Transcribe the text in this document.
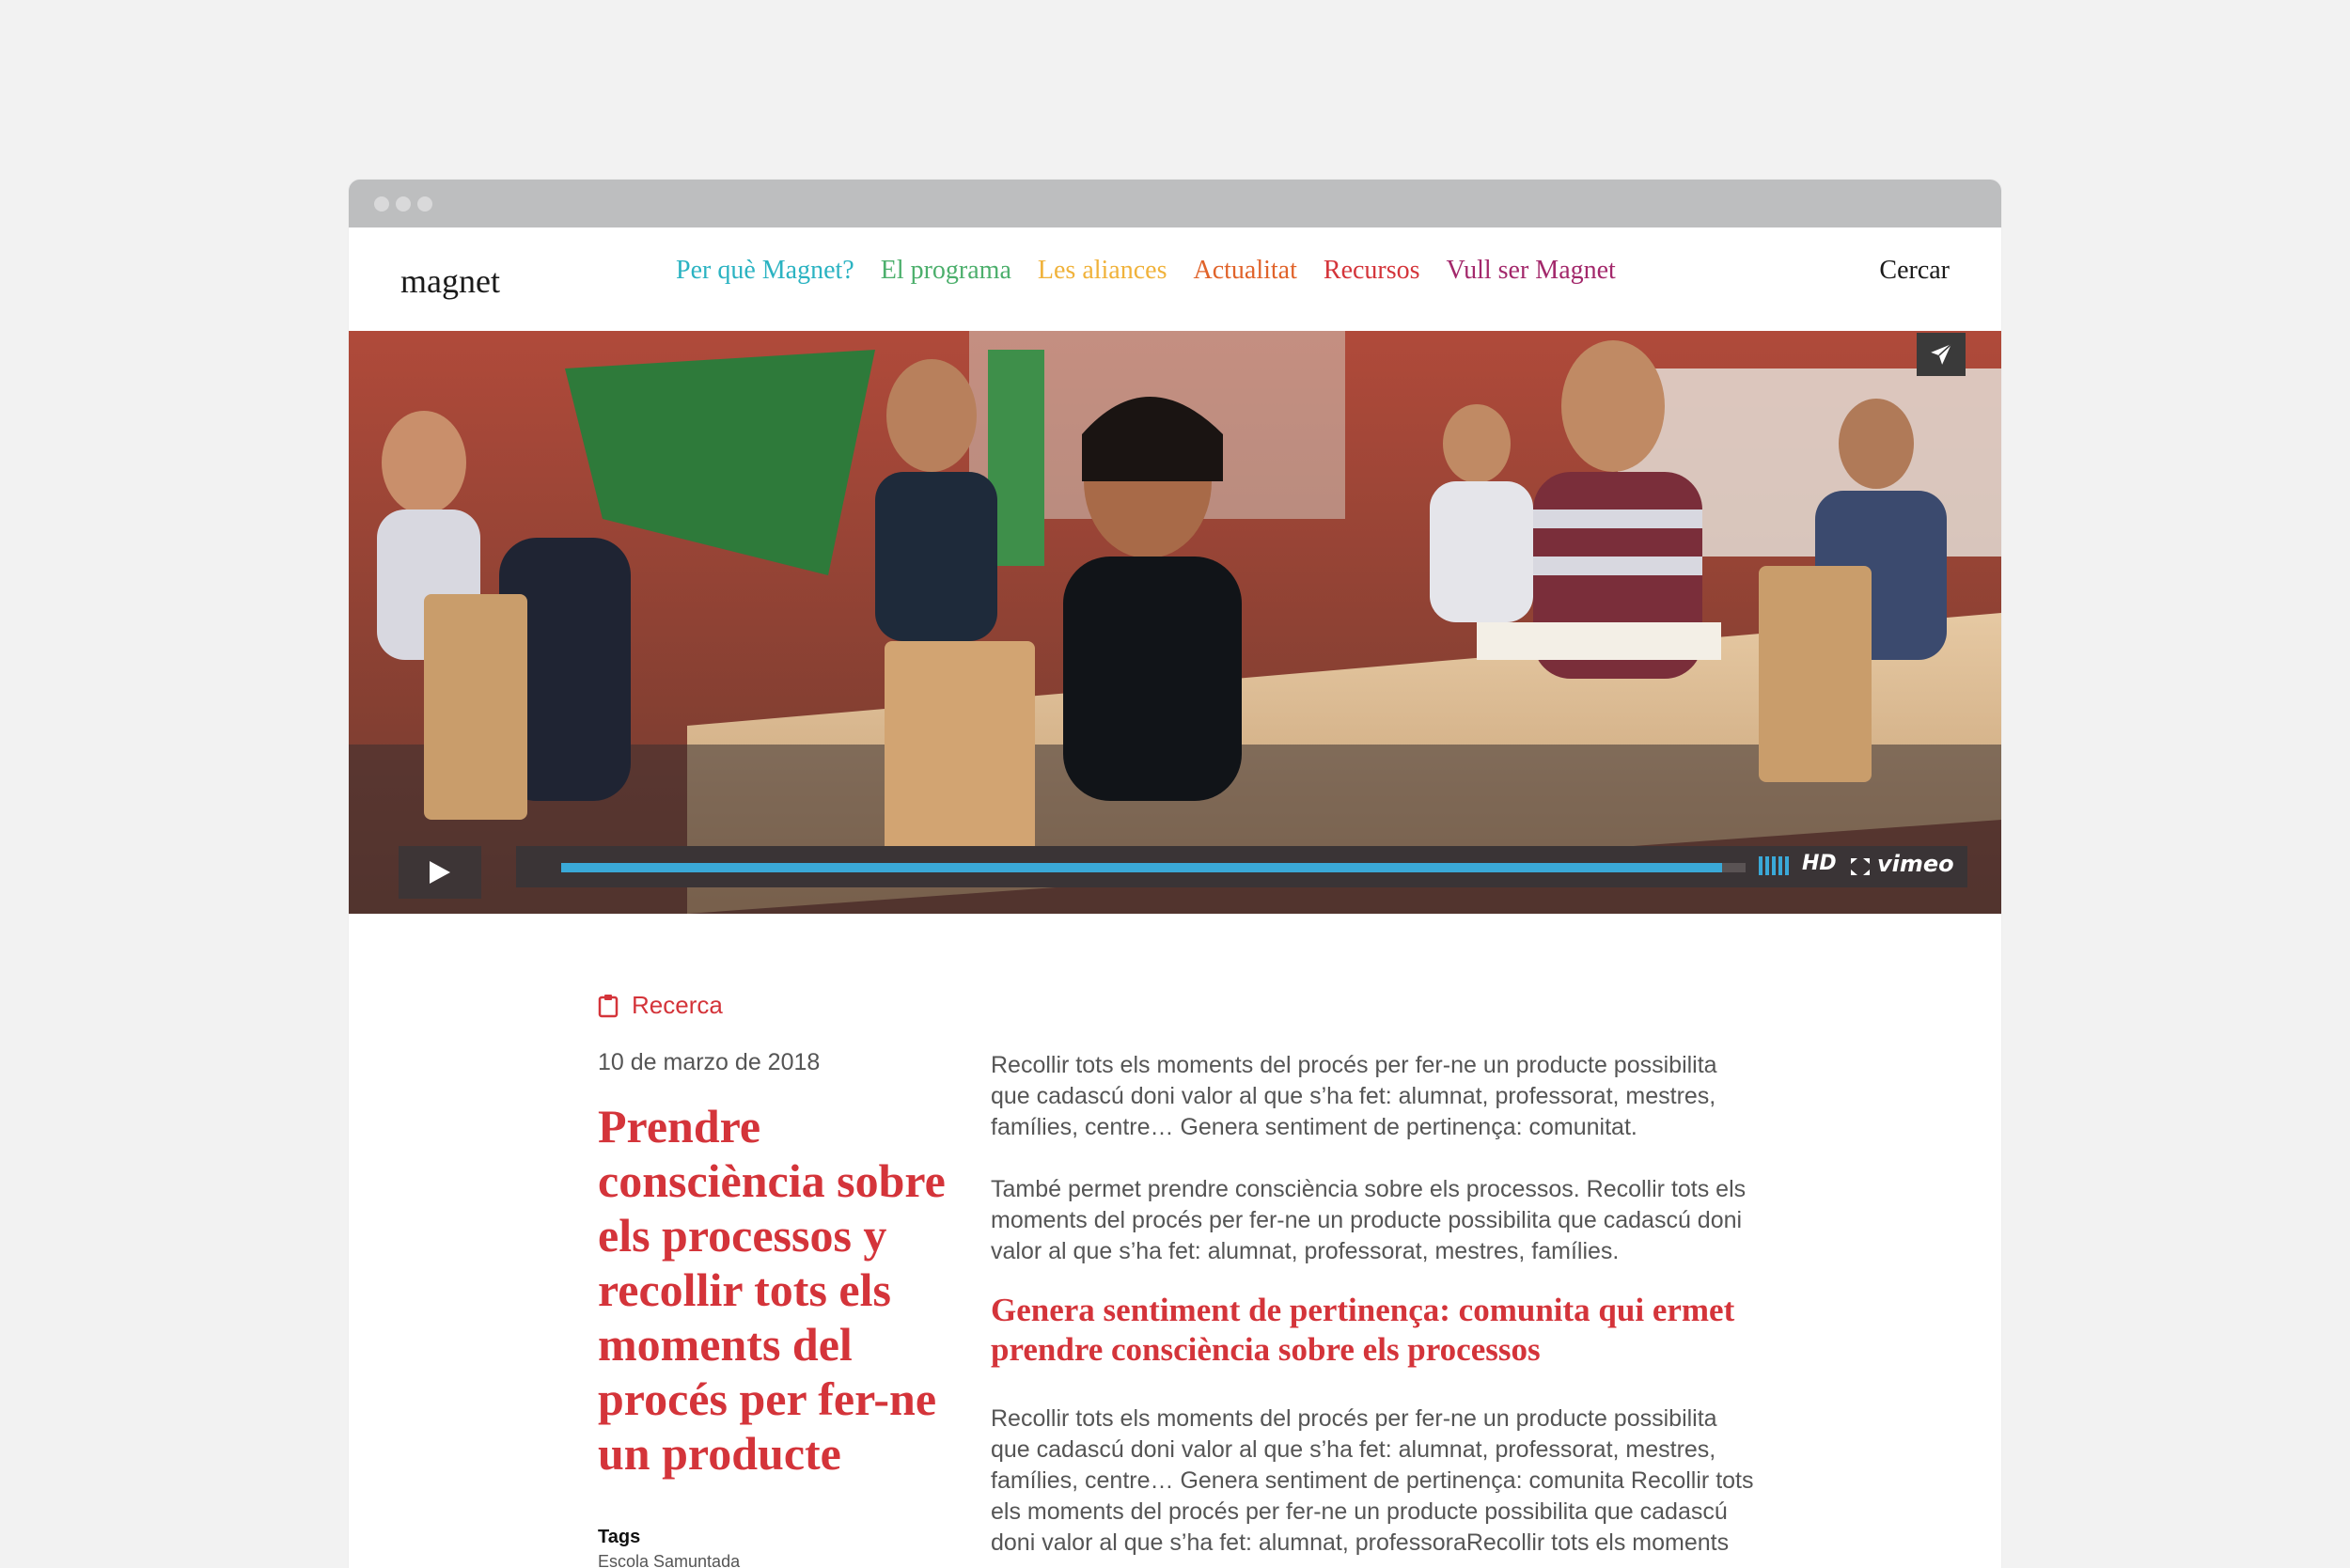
magnet	Per què Magnet? El programa Les aliances Actualitat Recursos Vull ser Magnet	Cercar
HD vimeo
Recerca
10 de marzo de 2018
Prendre consciència sobre els processos y recollir tots els moments del procés per fer-ne un producte
Tags
Escola Samuntada

Recollir tots els moments del procés per fer-ne un producte possibilita que cadascú doni valor al que s’ha fet: alumnat, professorat, mestres, famílies, centre… Genera sentiment de pertinença: comunitat.

També permet prendre consciència sobre els processos. Recollir tots els moments del procés per fer-ne un producte possibilita que cadascú doni valor al que s’ha fet: alumnat, professorat, mestres, famílies.

Genera sentiment de pertinença: comunita qui ermet prendre consciència sobre els processos

Recollir tots els moments del procés per fer-ne un producte possibilita que cadascú doni valor al que s’ha fet: alumnat, professorat, mestres, famílies, centre… Genera sentiment de pertinença: comunita Recollir tots els moments del procés per fer-ne un producte possibilita que cadascú doni valor al que s’ha fet: alumnat, professoraRecollir tots els moments
